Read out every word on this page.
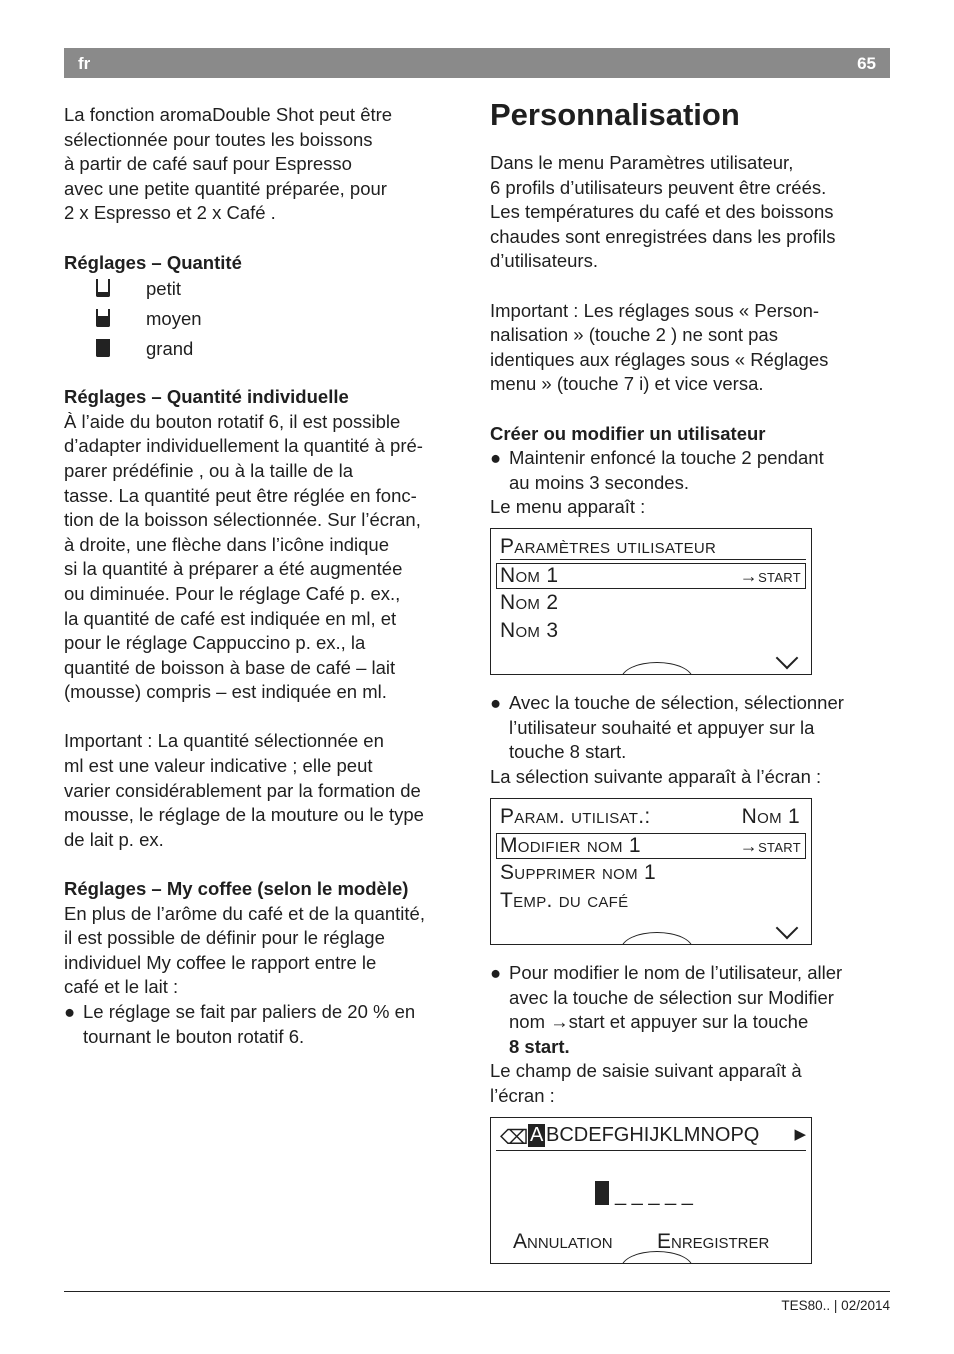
fr	65

La fonction aromaDouble Shot peut être

sélectionnée pour toutes les boissons

à partir de café sauf pour Espresso

avec une petite quantité préparée, pour

2 x Espresso et 2 x Café .

Réglages – Quantité

petit
moyen
grand

Réglages – Quantité individuelle

À l’aide du bouton rotatif 6, il est possible

d’adapter individuellement la quantité à pré-

parer prédéfinie , ou à la taille de la

tasse. La quantité peut être réglée en fonc-

tion de la boisson sélectionnée. Sur l’écran,

à droite, une flèche dans l’icône indique

si la quantité à préparer a été augmentée

ou diminuée. Pour le réglage Café p. ex.,

la quantité de café est indiquée en ml, et

pour le réglage Cappuccino p. ex., la

quantité de boisson à base de café – lait

(mousse) compris – est indiquée en ml.

Important : La quantité sélectionnée en

ml est une valeur indicative ; elle peut

varier considérablement par la formation de

mousse, le réglage de la mouture ou le type

de lait p. ex.

Réglages – My coffee (selon le modèle)

En plus de l’arôme du café et de la quantité,

il est possible de définir pour le réglage

individuel My coffee le rapport entre le

café et le lait :

● Le réglage se fait par paliers de 20 % en

tournant le bouton rotatif 6.

Personnalisation

Dans le menu Paramètres utilisateur,

6 profils d’utilisateurs peuvent être créés.

Les températures du café et des boissons

chaudes sont enregistrées dans les profils

d’utilisateurs.

Important : Les réglages sous « Person-

nalisation » (touche 2 ) ne sont pas

identiques aux réglages sous « Réglages

menu » (touche 7 i) et vice versa.

Créer ou modifier un utilisateur

● Maintenir enfoncé la touche 2 pendant

au moins 3 secondes.

Le menu apparaît :

Paramètres utilisateur
Nom 1	→start
Nom 2
Nom 3
● Avec la touche de sélection, sélectionner

l’utilisateur souhaité et appuyer sur la

touche 8 start.

La sélection suivante apparaît à l’écran :

Param. utilisat.:	Nom 1
Modifier nom 1	→start
Supprimer nom 1
Temp. du café
● Pour modifier le nom de l’utilisateur, aller

avec la touche de sélection sur Modifier

nom →start et appuyer sur la touche

8 start.

Le champ de saisie suivant apparaît à

l’écran :

⌫ A BCDEFGHIJKLMNOPQ ▶
_ _ _ _ _
Annulation Enregistrer
TES80.. | 02/2014
